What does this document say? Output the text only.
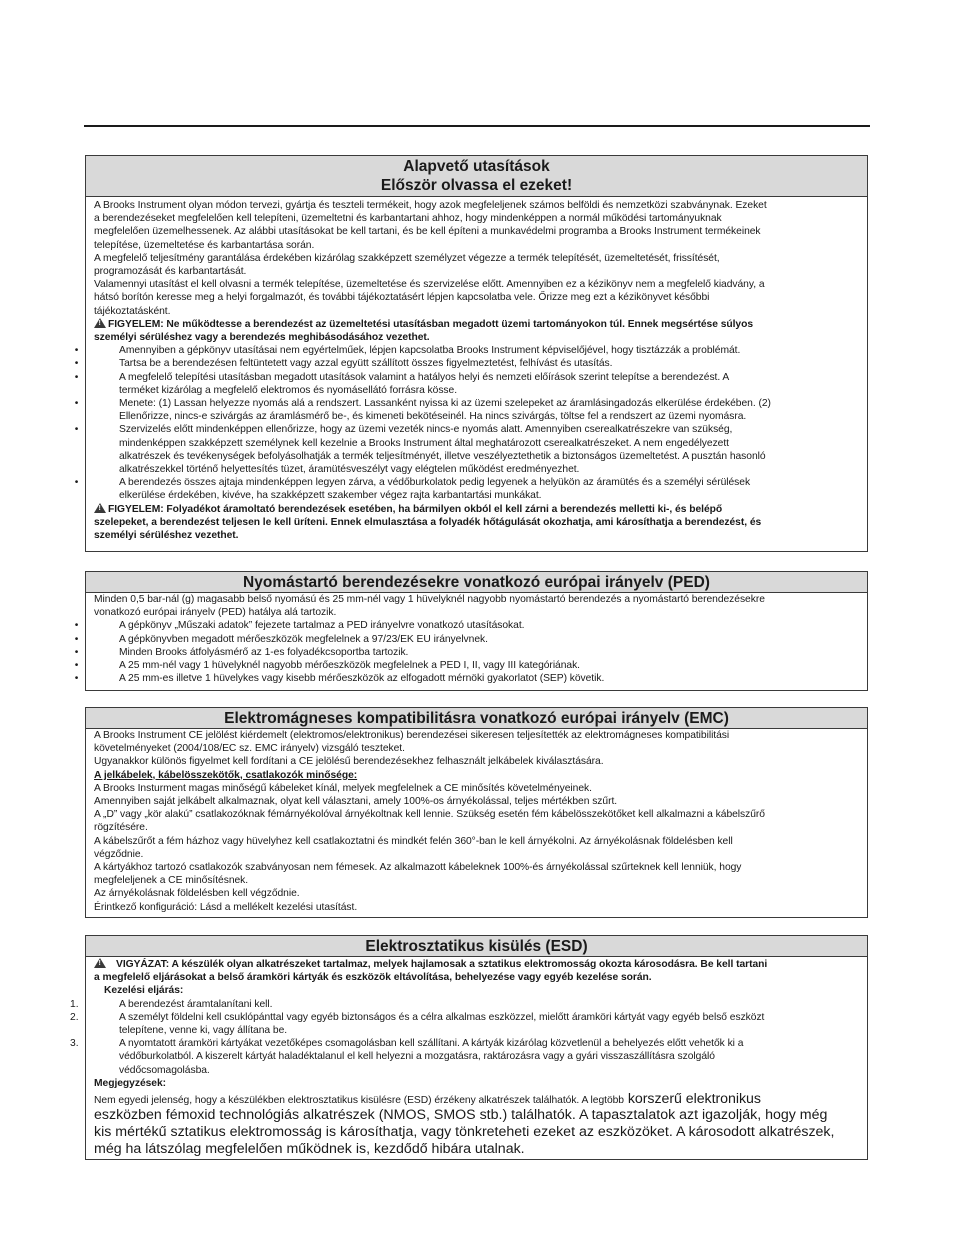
Alapvető utasítások
Először olvassa el ezeket!
A Brooks Instrument olyan módon tervezi, gyártja és teszteli termékeit, hogy azok megfeleljenek számos belföldi és nemzetközi szabványnak. Ezeket
a berendezéseket megfelelően kell telepíteni, üzemeltetni és karbantartani ahhoz, hogy mindenképpen a normál működési tartományuknak
megfelelően üzemelhessenek. Az alábbi utasításokat be kell tartani, és be kell építeni a munkavédelmi programba a Brooks Instrument termékeinek
telepítése, üzemeltetése és karbantartása során.
A megfelelő teljesítmény garantálása érdekében kizárólag szakképzett személyzet végezze a termék telepítését, üzemeltetését, frissítését,
programozását és karbantartását.
Valamennyi utasítást el kell olvasni a termék telepítése, üzemeltetése és szervizelése előtt. Amennyiben ez a kézikönyv nem a megfelelő kiadvány, a
hátsó borítón keresse meg a helyi forgalmazót, és további tájékoztatásért lépjen kapcsolatba vele. Őrizze meg ezt a kézikönyvet későbbi
tájékoztatásként.
!FIGYELEM: Ne működtesse a berendezést az üzemeltetési utasításban megadott üzemi tartományokon túl. Ennek megsértése súlyos
személyi sérüléshez vagy a berendezés meghibásodásához vezethet.
•	Amennyiben a gépkönyv utasításai nem egyértelműek, lépjen kapcsolatba Brooks Instrument képviselőjével, hogy tisztázzák a problémát.
•	Tartsa be a berendezésen feltüntetett vagy azzal együtt szállított összes figyelmeztetést, felhívást és utasítás.
•	A megfelelő telepítési utasításban megadott utasítások valamint a hatályos helyi és nemzeti előírások szerint telepítse a berendezést. A
terméket kizárólag a megfelelő elektromos és nyomásellátó forrásra kösse.
•	Menete: (1) Lassan helyezze nyomás alá a rendszert. Lassanként nyissa ki az üzemi szelepeket az áramlásingadozás elkerülése érdekében. (2)
Ellenőrizze, nincs-e szivárgás az áramlásmérő be-, és kimeneti bekötéseinél. Ha nincs szivárgás, töltse fel a rendszert az üzemi nyomásra.
•	Szervizelés előtt mindenképpen ellenőrizze, hogy az üzemi vezeték nincs-e nyomás alatt. Amennyiben cserealkatrészekre van szükség,
mindenképpen szakképzett személynek kell kezelnie a Brooks Instrument által meghatározott cserealkatrészeket. A nem engedélyezett
alkatrészek és tevékenységek befolyásolhatják a termék teljesítményét, illetve veszélyeztethetik a biztonságos üzemeltetést. A pusztán hasonló
alkatrészekkel történő helyettesítés tüzet, áramütésveszélyt vagy elégtelen működést eredményezhet.
•	A berendezés összes ajtaja mindenképpen legyen zárva, a védőburkolatok pedig legyenek a helyükön az áramütés és a személyi sérülések
elkerülése érdekében, kivéve, ha szakképzett szakember végez rajta karbantartási munkákat.
!FIGYELEM: Folyadékot áramoltató berendezések esetében, ha bármilyen okból el kell zárni a berendezés melletti ki-, és belépő
szelepeket, a berendezést teljesen le kell üríteni. Ennek elmulasztása a folyadék hőtágulását okozhatja, ami károsíthatja a berendezést, és
személyi sérüléshez vezethet.
Nyomástartó berendezésekre vonatkozó európai irányelv (PED)
Minden 0,5 bar-nál (g) magasabb belső nyomású és 25 mm-nél vagy 1 hüvelyknél nagyobb nyomástartó berendezés a nyomástartó berendezésekre
vonatkozó európai irányelv (PED) hatálya alá tartozik.
•	A gépkönyv „Műszaki adatok” fejezete tartalmaz a PED irányelvre vonatkozó utasításokat.
•	A gépkönyvben megadott mérőeszközök megfelelnek a 97/23/EK EU irányelvnek.
•	Minden Brooks átfolyásmérő az 1-es folyadékcsoportba tartozik.
•	A 25 mm-nél vagy 1 hüvelyknél nagyobb mérőeszközök megfelelnek a PED I, II, vagy III kategóriának.
•	A 25 mm-es illetve 1 hüvelykes vagy kisebb mérőeszközök az elfogadott mérnöki gyakorlatot (SEP) követik.
Elektromágneses kompatibilitásra vonatkozó európai irányelv (EMC)
A Brooks Instrument CE jelölést kiérdemelt (elektromos/elektronikus) berendezései sikeresen teljesítették az elektromágneses kompatibilitási
követelményeket (2004/108/EC sz. EMC irányelv) vizsgáló teszteket.
Ugyanakkor különös figyelmet kell fordítani a CE jelölésű berendezésekhez felhasznált jelkábelek kiválasztására.
A jelkábelek, kábelösszekötők, csatlakozók minősége:
A Brooks Insturment magas minőségű kábeleket kínál, melyek megfelelnek a CE minősítés követelményeinek.
Amennyiben saját jelkábelt alkalmaznak, olyat kell választani, amely 100%-os árnyékolással, teljes mértékben szűrt.
A „D” vagy „kör alakú” csatlakozóknak fémárnyékolóval árnyékoltnak kell lennie. Szükség esetén fém kábelösszekötőket kell alkalmazni a kábelszűrő
rögzítésére.
A kábelszűrőt a fém házhoz vagy hüvelyhez kell csatlakoztatni és mindkét felén 360°-ban le kell árnyékolni. Az árnyékolásnak földelésben kell
végződnie.
A kártyákhoz tartozó csatlakozók szabványosan nem fémesek. Az alkalmazott kábeleknek 100%-és árnyékolással szűrteknek kell lenniük, hogy
megfeleljenek a CE minősítésnek.
Az árnyékolásnak földelésben kell végződnie.
Érintkező konfiguráció: Lásd a mellékelt kezelési utasítást.
Elektrosztatikus kisülés (ESD)
!VIGYÁZAT: A készülék olyan alkatrészeket tartalmaz, melyek hajlamosak a sztatikus elektromosság okozta károsodásra. Be kell tartani
a megfelelő eljárásokat a belső áramköri kártyák és eszközök eltávolítása, behelyezése vagy egyéb kezelése során.
Kezelési eljárás:
1.	A berendezést áramtalanítani kell.
2.	A személyt földelni kell csuklópánttal vagy egyéb biztonságos és a célra alkalmas eszközzel, mielőtt áramköri kártyát vagy egyéb belső eszközt
telepítene, venne ki, vagy állítana be.
3.	A nyomtatott áramköri kártyákat vezetőképes csomagolásban kell szállítani. A kártyák kizárólag közvetlenül a behelyezés előtt vehetők ki a
védőburkolatból. A kiszerelt kártyát haladéktalanul el kell helyezni a mozgatásra, raktározásra vagy a gyári visszaszállításra szolgáló
védőcsomagolásba.
Megjegyzések:
Nem egyedi jelenség, hogy a készülékben elektrosztatikus kisülésre (ESD) érzékeny alkatrészek találhatók. A legtöbb korszerű elektronikus
eszközben fémoxid technológiás alkatrészek (NMOS, SMOS stb.) találhatók. A tapasztalatok azt igazolják, hogy még
kis mértékű sztatikus elektromosság is károsíthatja, vagy tönkreteheti ezeket az eszközöket. A károsodott alkatrészek,
még ha látszólag megfelelően működnek is, kezdődő hibára utalnak.
